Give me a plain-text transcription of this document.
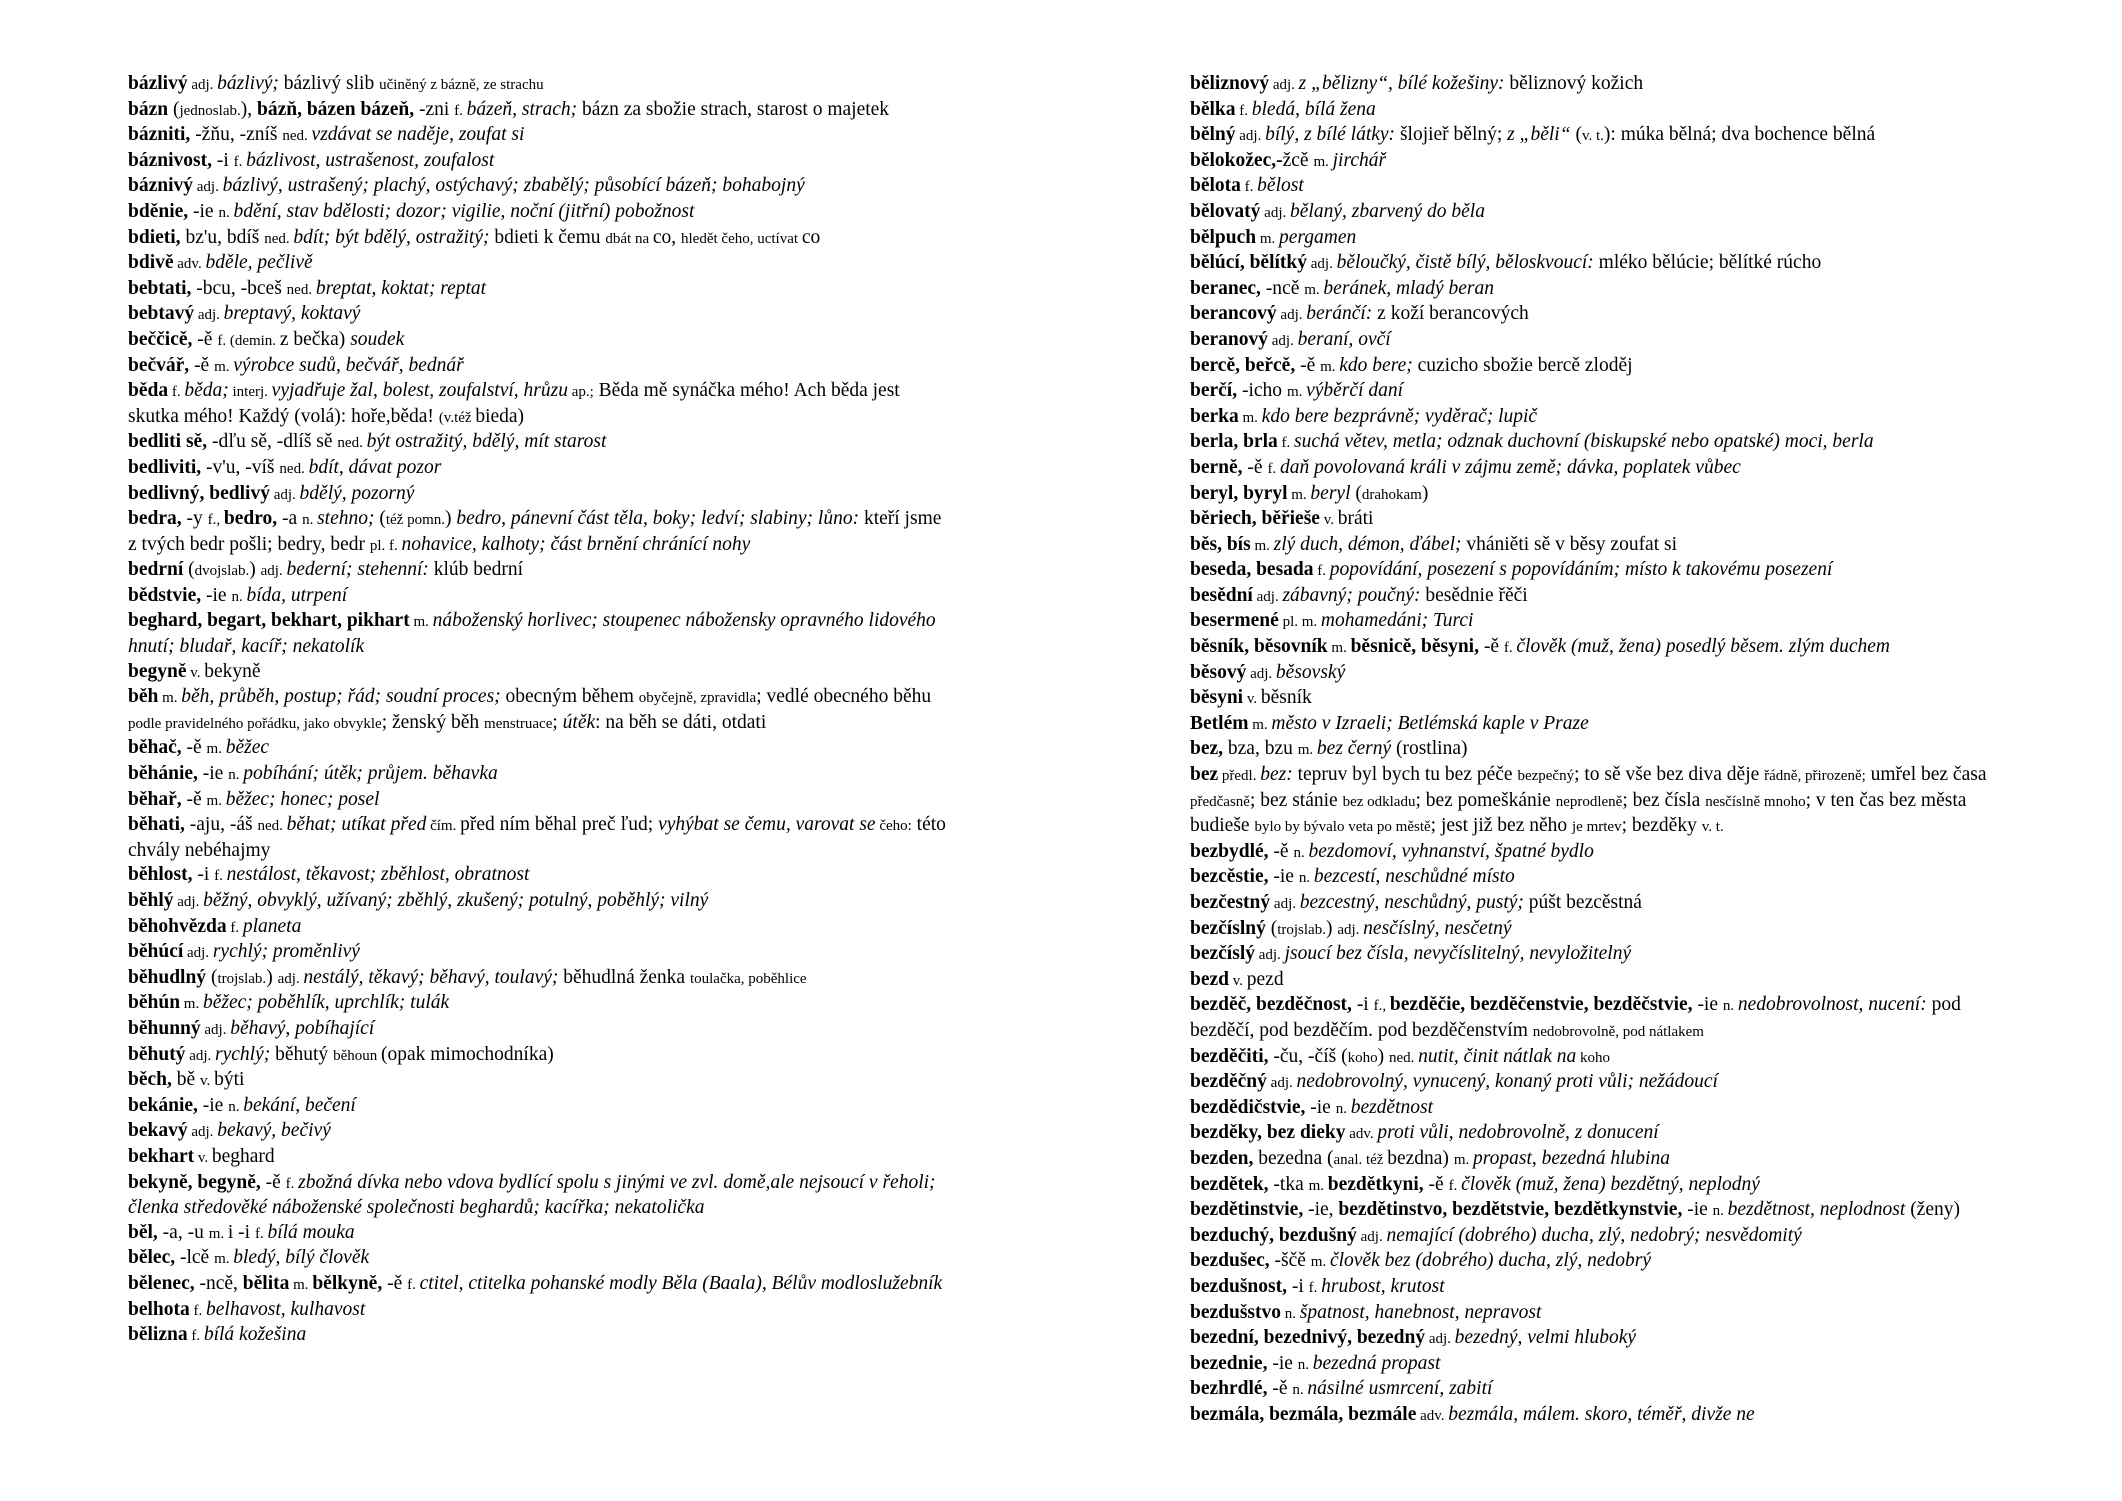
bázlivý adj. bázlivý; bázlivý slib učiněný z bázně, ze strachu

bázn (jednoslab.), bázň, bázen bázeň, -zni f. bázeň, strach; bázn za sbožie strach, starost o majetek

bázniti, -žňu, -zníš ned. vzdávat se naděje, zoufat si

báznivost, -i f. bázlivost, ustrašenost, zoufalost

báznivý adj. bázlivý, ustrašený; plachý, ostýchavý; zbabělý; působící bázeň; bohabojný

bděnie, -ie n. bdění, stav bdělosti; dozor; vigilie, noční (jitřní) pobožnost

bdieti, bz'u, bdíš ned. bdít; být bdělý, ostražitý; bdieti k čemu dbát na co, hledět čeho, uctívat co

bdivě adv. bděle, pečlivě

bebtati, -bcu, -bceš ned. breptat, koktat; reptat

bebtavý adj. breptavý, koktavý

beččicě, -ě f. (demin. z bečka) soudek

bečvář, -ě m. výrobce sudů, bečvář, bednář

běda f. běda; interj. vyjadřuje žal, bolest, zoufalství, hrůzu ap.; Běda mě synáčka mého! Ach běda jest skutka mého! Každý (volá): hoře,běda! (v.též bieda)

bedliti sě, -dľu sě, -dlíš sě ned. být ostražitý, bdělý, mít starost

bedliviti, -v'u, -víš ned. bdít, dávat pozor

bedlivný, bedlivý adj. bdělý, pozorný

bedra, -y f., bedro, -a n. stehno; (též pomn.) bedro, pánevní část těla, boky; ledví; slabiny; lůno: kteří jsme z tvých bedr pošli; bedry, bedr pl. f. nohavice, kalhoty; část brnění chránící nohy

bedrní (dvojslab.) adj. bederní; stehenní: klúb bedrní

bědstvie, -ie n. bída, utrpení

beghard, begart, bekhart, pikhart m. náboženský horlivec; stoupenec nábožensky opravného lidového hnutí; bludař, kacíř; nekatolík

begyně v. bekyně

běh m. běh, průběh, postup; řád; soudní proces; obecným během obyčejně, zpravidla; vedlé obecného běhu podle pravidelného pořádku, jako obvykle; ženský běh menstruace; útěk: na běh se dáti, otdati

běhač, -ě m. běžec

běhánie, -ie n. pobíhání; útěk; průjem. běhavka

běhař, -ě m. běžec; honec; posel

běhati, -aju, -áš ned. běhat; utíkat před čím. před ním běhal preč ľud; vyhýbat se čemu, varovat se čeho: této chvály nebéhajmy

běhlost, -i f. nestálost, těkavost; zběhlost, obratnost

běhlý adj. běžný, obvyklý, užívaný; zběhlý, zkušený; potulný, poběhlý; vilný

běhohvězda f. planeta

běhúcí adj. rychlý; proměnlivý

běhudlný (trojslab.) adj. nestálý, těkavý; běhavý, toulavý; běhudlná ženka toulačka, poběhlice

běhún m. běžec; poběhlík, uprchlík; tulák

běhunný adj. běhavý, pobíhající

běhutý adj. rychlý; běhutý běhoun (opak mimochodníka)

běch, bě v. býti

bekánie, -ie n. bekání, bečení

bekavý adj. bekavý, bečivý

bekhart v. beghard

bekyně, begyně, -ě f. zbožná dívka nebo vdova bydlící spolu s jinými ve zvl. domě,ale nejsoucí v řeholi; členka středověké náboženské společnosti beghardů; kacířka; nekatolička

běl, -a, -u m. i -i f. bílá mouka

bělec, -lcě m. bledý, bílý člověk

bělenec, -ncě, bělita m. bělkyně, -ě f. ctitel, ctitelka pohanské modly Běla (Baala), Bélův modloslužebník

belhota f. belhavost, kulhavost

bělizna f. bílá kožešina

běliznový adj. z „bělizny“, bílé kožešiny: běliznový kožich

bělka f. bledá, bílá žena

bělný adj. bílý, z bílé látky: šlojieř bělný; z „běli“ (v. t.): múka bělná; dva bochence bělná

bělokožec,-žcě m. jirchář

bělota f. bělost

bělovatý adj. bělaný, zbarvený do běla

bělpuch m. pergamen

bělúcí, bělítký adj. běloučký, čistě bílý, běloskvoucí: mléko bělúcie; bělítké rúcho

beranec, -ncě m. beránek, mladý beran

berancový adj. beránčí: z koží berancových

beranový adj. beraní, ovčí

bercě, beřcě, -ě m. kdo bere; cuzicho sbožie bercě zloděj

berčí, -icho m. výběrčí daní

berka m. kdo bere bezprávně; vyděrač; lupič

berla, brla f. suchá větev, metla; odznak duchovní (biskupské nebo opatské) moci, berla

berně, -ě f. daň povolovaná králi v zájmu země; dávka, poplatek vůbec

beryl, byryl m. beryl (drahokam)

běriech, běřieše v. bráti

běs, bís m. zlý duch, démon, ďábel; vhániěti sě v běsy zoufat si

beseda, besada f. popovídání, posezení s popovídáním; místo k takovému posezení

besědní adj. zábavný; poučný: besědnie řěči

besermené pl. m. mohamedáni; Turci

běsník, běsovník m. běsnicě, běsyni, -ě f. člověk (muž, žena) posedlý běsem. zlým duchem

běsový adj. běsovský

běsyni v. běsník

Betlém m. město v Izraeli; Betlémská kaple v Praze

bez, bza, bzu m. bez černý (rostlina)

bez předl. bez: tepruv byl bych tu bez péče bezpečný; to sě vše bez diva děje řádně, přirozeně; umřel bez časa předčasně; bez stánie bez odkladu; bez pomeškánie neprodleně; bez čísla nesčíslně mnoho; v ten čas bez města budieše bylo by bývalo veta po městě; jest již bez něho je mrtev; bezděky v. t.

bezbydlé, -ě n. bezdomoví, vyhnanství, špatné bydlo

bezcěstie, -ie n. bezcestí, neschůdné místo

bezčestný adj. bezcestný, neschůdný, pustý; púšt bezcěstná

bezčíslný (trojslab.) adj. nesčíslný, nesčetný

bezčíslý adj. jsoucí bez čísla, nevyčíslitelný, nevyložitelný

bezd v. pezd

bezděč, bezděčnost, -i f., bezděčie, bezděčenstvie, bezděčstvie, -ie n. nedobrovolnost, nucení: pod bezděčí, pod bezděčím. pod bezděčenstvím nedobrovolně, pod nátlakem

bezděčiti, -ču, -číš (koho) ned. nutit, činit nátlak na koho

bezděčný adj. nedobrovolný, vynucený, konaný proti vůli; nežádoucí

bezdědičstvie, -ie n. bezdětnost

bezděky, bez dieky adv. proti vůli, nedobrovolně, z donucení

bezden, bezedna (anal. též bezdna) m. propast, bezedná hlubina

bezdětek, -tka m. bezdětkyni, -ě f. člověk (muž, žena) bezdětný, neplodný

bezdětinstvie, -ie, bezdětinstvo, bezdětstvie, bezdětkynstvie, -ie n. bezdětnost, neplodnost (ženy)

bezduchý, bezdušný adj. nemající (dobrého) ducha, zlý, nedobrý; nesvědomitý

bezdušec, -ščě m. člověk bez (dobrého) ducha, zlý, nedobrý

bezdušnost, -i f. hrubost, krutost

bezdušstvo n. špatnost, hanebnost, nepravost

bezední, bezednivý, bezedný adj. bezedný, velmi hluboký

bezednie, -ie n. bezedná propast

bezhrdlé, -ě n. násilné usmrcení, zabití

bezmála, bezmála, bezmále adv. bezmála, málem. skoro, téměř, divže ne
